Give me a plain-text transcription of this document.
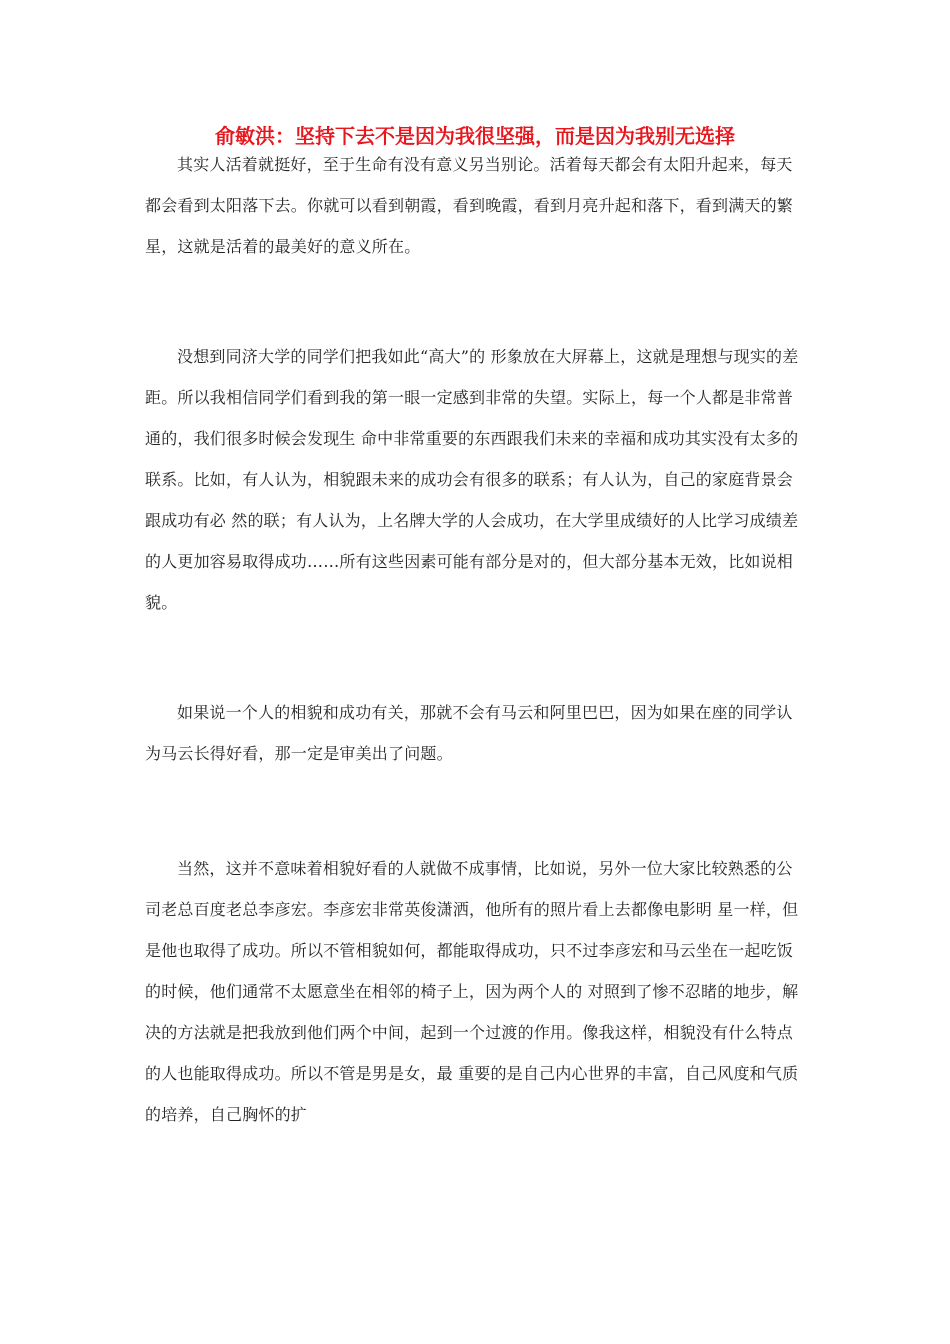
俞敏洪：坚持下去不是因为我很坚强，而是因为我别无选择

其实人活着就挺好，至于生命有没有意义另当别论。活着每天都会有太阳升起来，每天都会看到太阳落下去。你就可以看到朝霞，看到晚霞，看到月亮升起和落下，看到满天的繁星，这就是活着的最美好的意义所在。

没想到同济大学的同学们把我如此“高大”的 形象放在大屏幕上，这就是理想与现实的差距。所以我相信同学们看到我的第一眼一定感到非常的失望。实际上，每一个人都是非常普通的，我们很多时候会发现生 命中非常重要的东西跟我们未来的幸福和成功其实没有太多的联系。比如，有人认为，相貌跟未来的成功会有很多的联系；有人认为，自己的家庭背景会跟成功有必 然的联；有人认为，上名牌大学的人会成功，在大学里成绩好的人比学习成绩差的人更加容易取得成功……所有这些因素可能有部分是对的，但大部分基本无效，比如说相貌。

如果说一个人的相貌和成功有关，那就不会有马云和阿里巴巴，因为如果在座的同学认为马云长得好看，那一定是审美出了问题。

当然，这并不意味着相貌好看的人就做不成事情，比如说，另外一位大家比较熟悉的公司老总百度老总李彦宏。李彦宏非常英俊潇洒，他所有的照片看上去都像电影明 星一样，但是他也取得了成功。所以不管相貌如何，都能取得成功，只不过李彦宏和马云坐在一起吃饭的时候，他们通常不太愿意坐在相邻的椅子上，因为两个人的 对照到了惨不忍睹的地步，解决的方法就是把我放到他们两个中间，起到一个过渡的作用。像我这样，相貌没有什么特点的人也能取得成功。所以不管是男是女，最 重要的是自己内心世界的丰富，自己风度和气质的培养，自己胸怀的扩
